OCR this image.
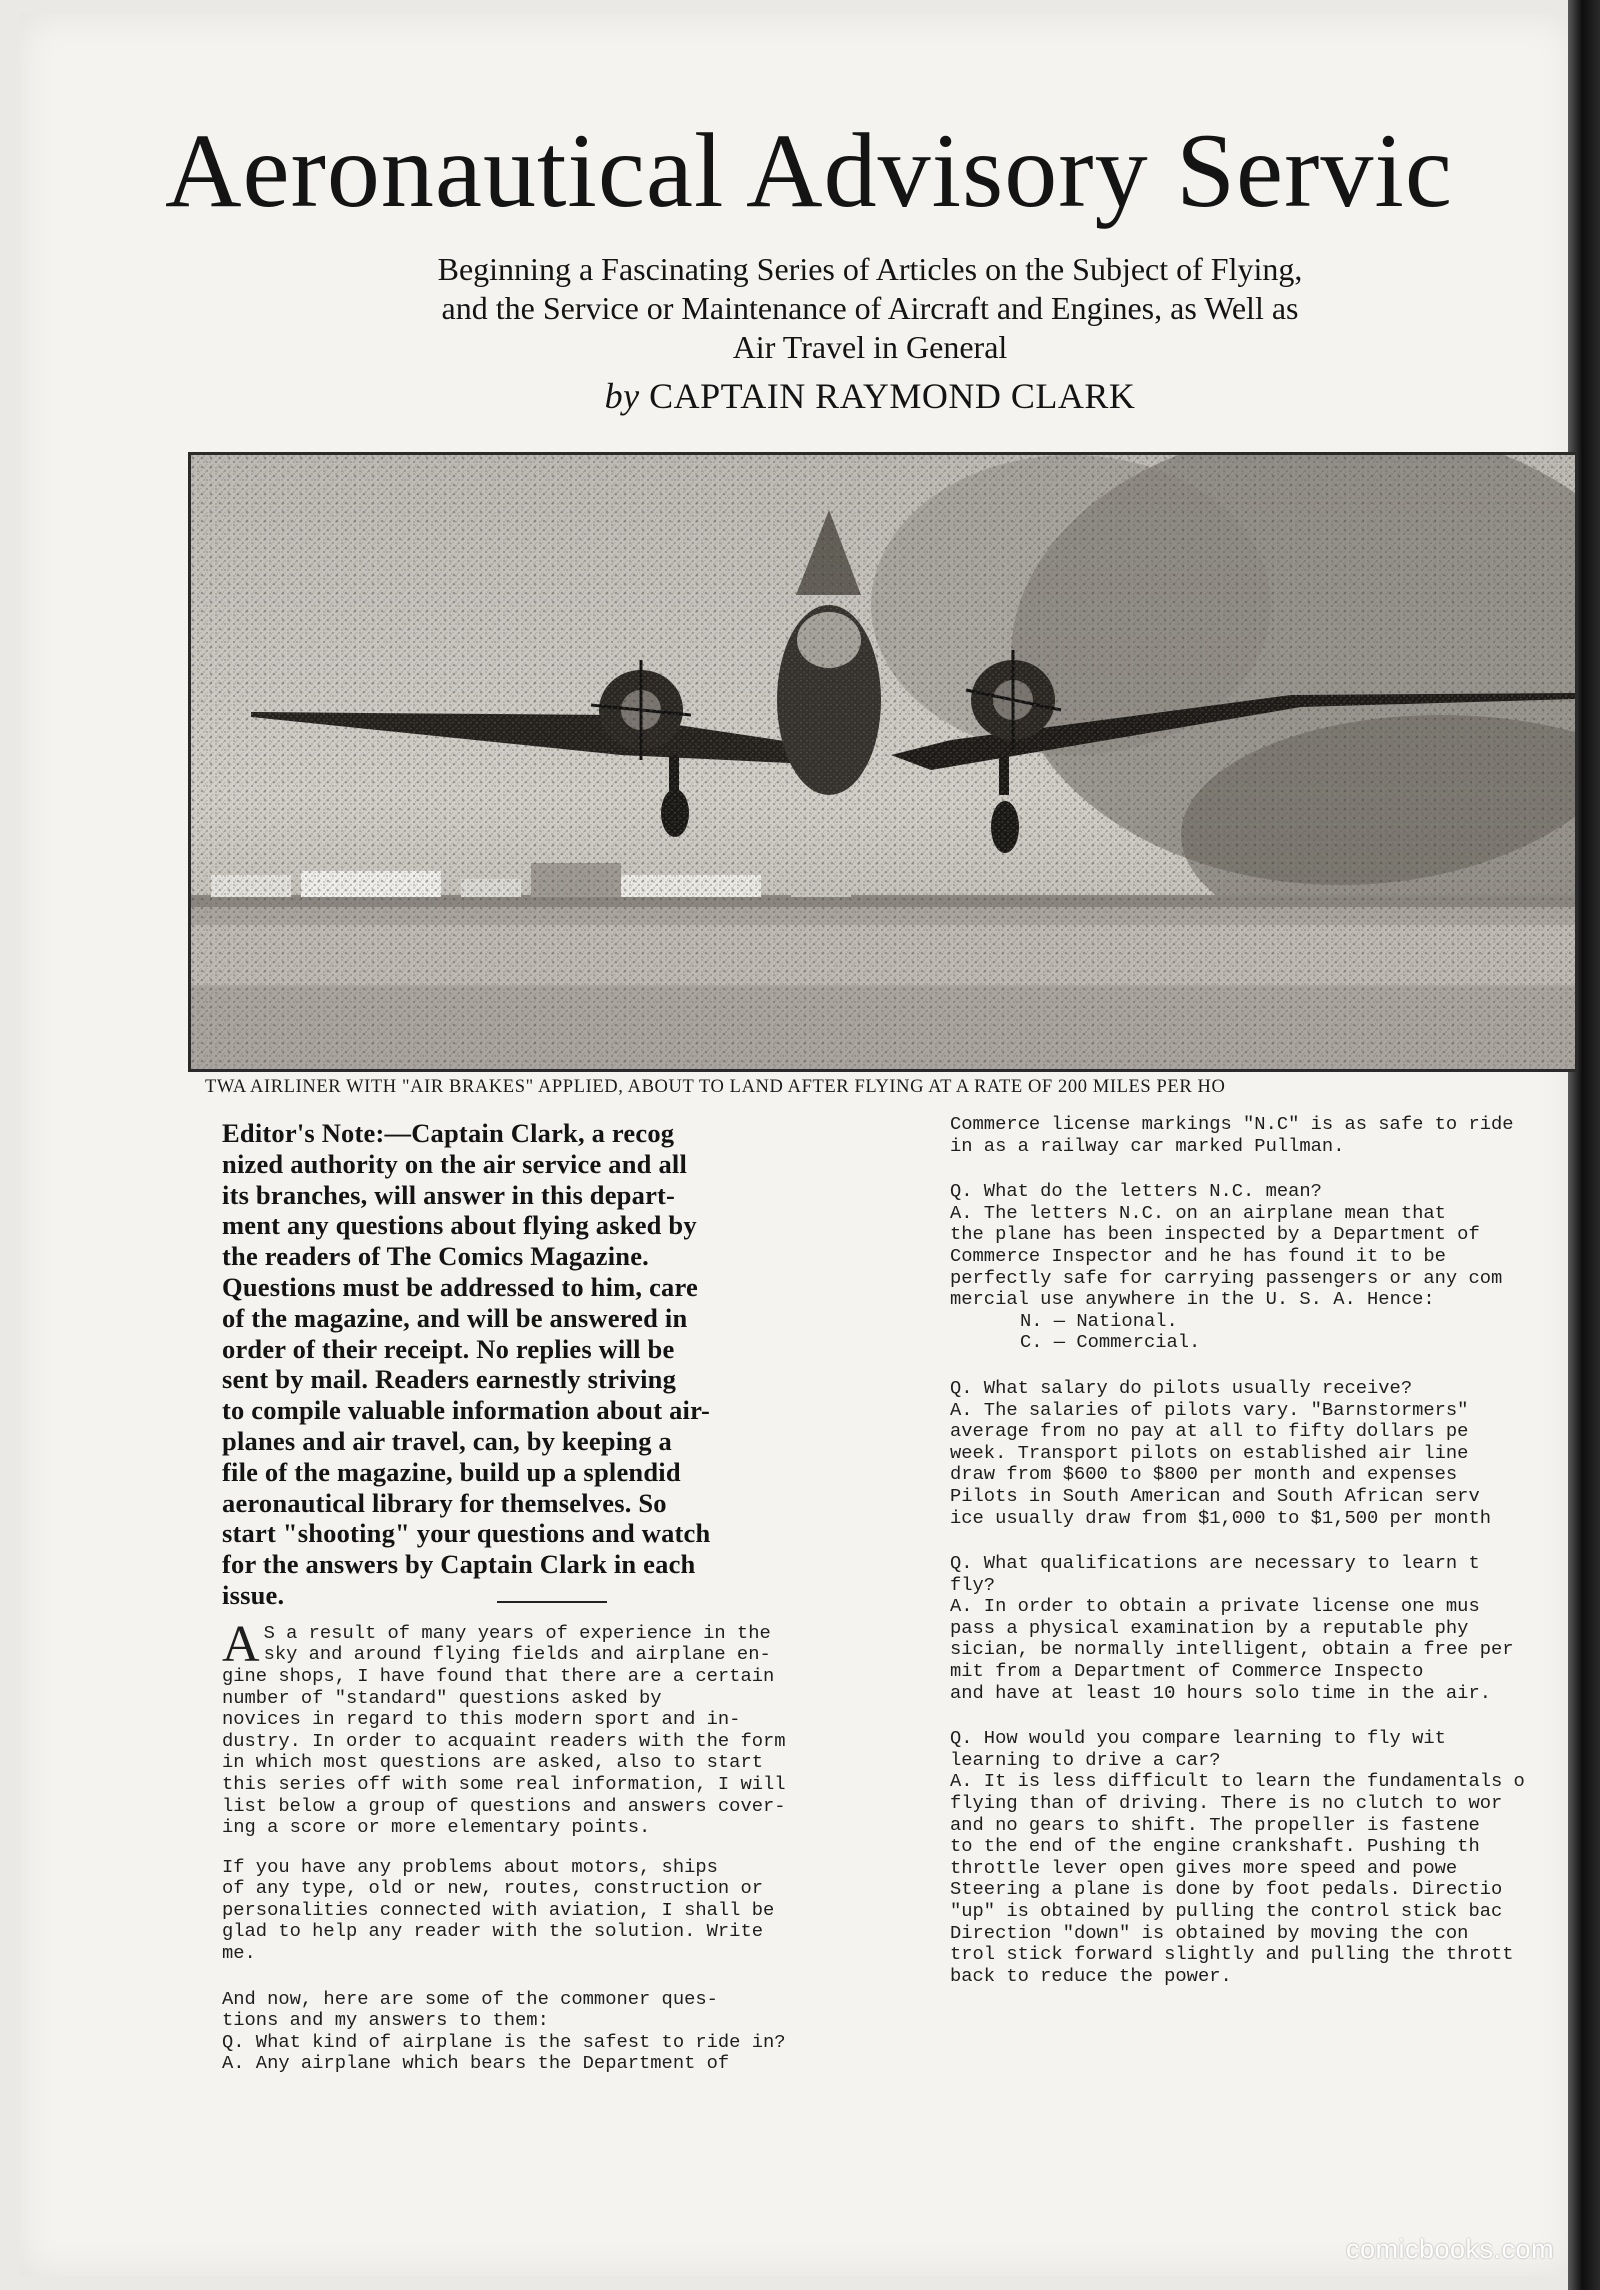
Aeronautical Advisory Servic
Beginning a Fascinating Series of Articles on the Subject of Flying,
and the Service or Maintenance of Aircraft and Engines, as Well as
Air Travel in General
by CAPTAIN RAYMOND CLARK
TWA AIRLINER WITH "AIR BRAKES" APPLIED, ABOUT TO LAND AFTER FLYING AT A RATE OF 200 MILES PER HO
Editor's Note:—Captain Clark, a recog
nized authority on the air service and all
its branches, will answer in this depart-
ment any questions about flying asked by
the readers of The Comics Magazine.
Questions must be addressed to him, care
of the magazine, and will be answered in
order of their receipt. No replies will be
sent by mail. Readers earnestly striving
to compile valuable information about air-
planes and air travel, can, by keeping a
file of the magazine, build up a splendid
aeronautical library for themselves. So
start "shooting" your questions and watch
for the answers by Captain Clark in each
issue.
A S a result of many years of experience in the
sky and around flying fields and airplane en-
gine shops, I have found that there are a certain
number of "standard" questions asked by
novices in regard to this modern sport and in-
dustry. In order to acquaint readers with the form
in which most questions are asked, also to start
this series off with some real information, I will
list below a group of questions and answers cover-
ing a score or more elementary points.
If you have any problems about motors, ships
of any type, old or new, routes, construction or
personalities connected with aviation, I shall be
glad to help any reader with the solution. Write
me.
And now, here are some of the commoner ques-
tions and my answers to them:
Q. What kind of airplane is the safest to ride in?
A. Any airplane which bears the Department of
Commerce license markings "N.C" is as safe to ride
in as a railway car marked Pullman.
Q. What do the letters N.C. mean?
A. The letters N.C. on an airplane mean that
the plane has been inspected by a Department of
Commerce Inspector and he has found it to be
perfectly safe for carrying passengers or any com
mercial use anywhere in the U. S. A. Hence:
N. — National.
C. — Commercial.
Q. What salary do pilots usually receive?
A. The salaries of pilots vary. "Barnstormers"
average from no pay at all to fifty dollars pe
week. Transport pilots on established air line
draw from $600 to $800 per month and expenses
Pilots in South American and South African serv
ice usually draw from $1,000 to $1,500 per month
Q. What qualifications are necessary to learn t
fly?
A. In order to obtain a private license one mus
pass a physical examination by a reputable phy
sician, be normally intelligent, obtain a free per
mit from a Department of Commerce Inspecto
and have at least 10 hours solo time in the air.
Q. How would you compare learning to fly wit
learning to drive a car?
A. It is less difficult to learn the fundamentals o
flying than of driving. There is no clutch to wor
and no gears to shift. The propeller is fastene
to the end of the engine crankshaft. Pushing th
throttle lever open gives more speed and powe
Steering a plane is done by foot pedals. Directio
"up" is obtained by pulling the control stick bac
Direction "down" is obtained by moving the con
trol stick forward slightly and pulling the thrott
back to reduce the power.
comicbooks.com
